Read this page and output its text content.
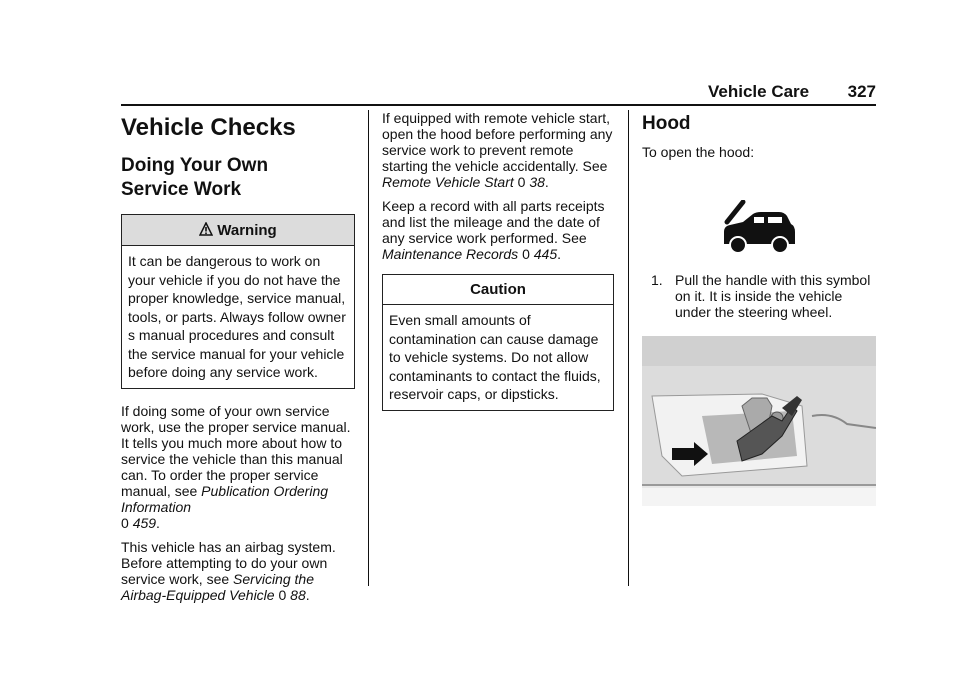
Vehicle Care 327
Vehicle Checks
Doing Your Own
Service Work
Warning
It can be dangerous to work on your vehicle if you do not have the proper knowledge, service manual, tools, or parts. Always follow owner s manual procedures and consult the service manual for your vehicle before doing any service work.

If doing some of your own service work, use the proper service manual. It tells you much more about how to service the vehicle than this manual can. To order the proper service manual, see Publication Ordering Information
0 459.

This vehicle has an airbag system. Before attempting to do your own service work, see Servicing the Airbag-Equipped Vehicle 0 88.

If equipped with remote vehicle start, open the hood before performing any service work to prevent remote starting the vehicle accidentally. See Remote Vehicle Start 0 38.

Keep a record with all parts receipts and list the mileage and the date of any service work performed. See Maintenance Records 0 445.

Caution
Even small amounts of contamination can cause damage to vehicle systems. Do not allow contaminants to contact the fluids, reservoir caps, or dipsticks.
Hood

To open the hood:

1. Pull the handle with this symbol on it. It is inside the vehicle under the steering wheel.
